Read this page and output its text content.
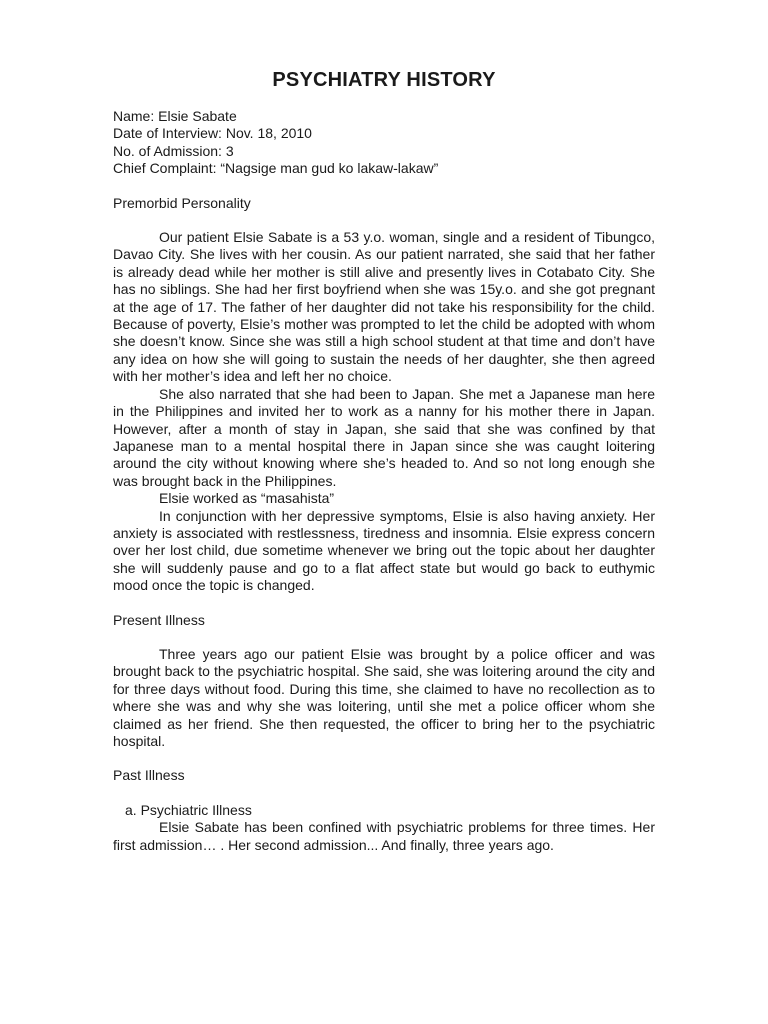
PSYCHIATRY HISTORY
Name: Elsie Sabate
Date of Interview: Nov. 18, 2010
No. of Admission: 3
Chief Complaint: “Nagsige man gud ko lakaw-lakaw”
Premorbid Personality

Our patient Elsie Sabate is a 53 y.o. woman, single and a resident of Tibungco, Davao City. She lives with her cousin. As our patient narrated, she said that her father is already dead while her mother is still alive and presently lives in Cotabato City. She has no siblings. She had her first boyfriend when she was 15y.o. and she got pregnant at the age of 17. The father of her daughter did not take his responsibility for the child. Because of poverty, Elsie’s mother was prompted to let the child be adopted with whom she doesn’t know. Since she was still a high school student at that time and don’t have any idea on how she will going to sustain the needs of her daughter, she then agreed with her mother’s idea and left her no choice.

She also narrated that she had been to Japan. She met a Japanese man here in the Philippines and invited her to work as a nanny for his mother there in Japan. However, after a month of stay in Japan, she said that she was confined by that Japanese man to a mental hospital there in Japan since she was caught loitering around the city without knowing where she’s headed to. And so not long enough she was brought back in the Philippines.

Elsie worked as “masahista”

In conjunction with her depressive symptoms, Elsie is also having anxiety. Her anxiety is associated with restlessness, tiredness and insomnia. Elsie express concern over her lost child, due sometime whenever we bring out the topic about her daughter she will suddenly pause and go to a flat affect state but would go back to euthymic mood once the topic is changed.

Present Illness

Three years ago our patient Elsie was brought by a police officer and was brought back to the psychiatric hospital. She said, she was loitering around the city and for three days without food. During this time, she claimed to have no recollection as to where she was and why she was loitering, until she met a police officer whom she claimed as her friend. She then requested, the officer to bring her to the psychiatric hospital.

Past Illness
a. Psychiatric Illness

Elsie Sabate has been confined with psychiatric problems for three times. Her first admission… . Her second admission... And finally, three years ago.
